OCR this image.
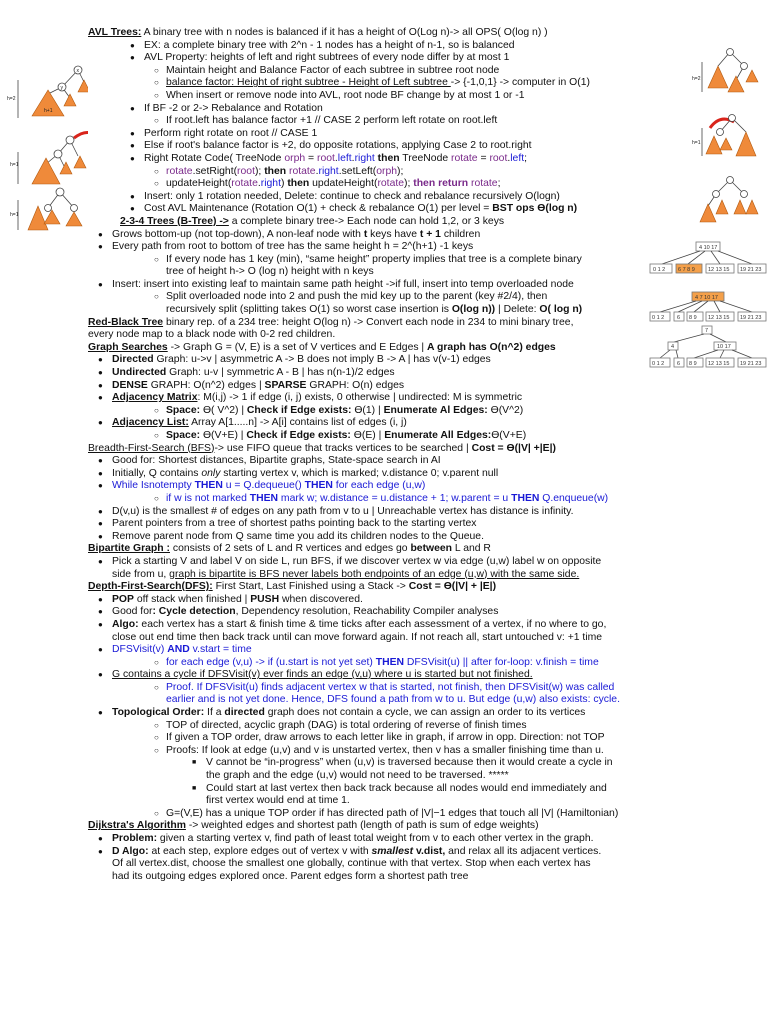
AVL Trees: A binary tree with n nodes is balanced if it has a height of O(Log n)-> all OPS( O(log n) )
● EX: a complete binary tree with 2^n - 1 nodes has a height of n-1, so is balanced
● AVL Property: heights of left and right subtrees of every node differ by at most 1
○ Maintain height and Balance Factor of each subtree in subtree root node
○ balance factor: Height of right subtree - Height of Left subtree -> {-1,0,1} -> computer in O(1)
○ When insert or remove node into AVL, root node BF change by at most 1 or -1
● If BF -2 or 2-> Rebalance and Rotation
○ If root.left has balance factor +1 // CASE 2 perform left rotate on root.left
● Perform right rotate on root // CASE 1
● Else if root's balance factor is +2, do opposite rotations, applying Case 2 to root.right
● Right Rotate Code( TreeNode orph = root.left.right then TreeNode rotate = root.left;
○ rotate.setRight(root); then rotate.right.setLeft(orph);
○ updateHeight(rotate.right) then updateHeight(rotate); then return rotate;
● Insert: only 1 rotation needed, Delete: continue to check and rebalance recursively O(logn)
● Cost AVL Maintenance (Rotation O(1) + check & rebalance O(1) per level = BST ops ϴ(log n)
2-3-4 Trees (B-Tree) -> a complete binary tree-> Each node can hold 1,2, or 3 keys
● Grows bottom-up (not top-down), A non-leaf node with t keys have t + 1 children
● Every path from root to bottom of tree has the same height h = 2^(h+1) -1 keys
○ If every node has 1 key (min), “same height” property implies that tree is a complete binary
tree of height h-> O (log n) height with n keys
● Insert: insert into existing leaf to maintain same path height ->if full, insert into temp overloaded node
○ Split overloaded node into 2 and push the mid key up to the parent (key #2/4), then
recursively split (splitting takes O(1) so worst case insertion is O(log n)) | Delete: O( log n)
Red-Black Tree binary rep. of a 234 tree: height O(log n) -> Convert each node in 234 to mini binary tree,
every node map to a black node with 0-2 red children.
Graph Searches -> Graph G = (V, E) is a set of V vertices and E Edges | A graph has O(n^2) edges
● Directed Graph: u->v | asymmetric A -> B does not imply B -> A | has v(v-1) edges
● Undirected Graph: u-v | symmetric A - B | has n(n-1)/2 edges
● DENSE GRAPH: O(n^2) edges | SPARSE GRAPH: O(n) edges
● Adjacency Matrix: M(i,j) -> 1 if edge (i, j) exists, 0 otherwise | undirected: M is symmetric
○ Space: ϴ( V^2) | Check if Edge exists: ϴ(1) | Enumerate Al Edges: ϴ(V^2)
● Adjacency List: Array A[1.....n] -> A[i] contains list of edges (i, j)
○ Space: ϴ(V+E) | Check if Edge exists: ϴ(E) | Enumerate All Edges:ϴ(V+E)
Breadth-First-Search (BFS)-> use FIFO queue that tracks vertices to be searched | Cost = ϴ(|V| +|E|)
● Good for: Shortest distances, Bipartite graphs, State-space search in AI
● Initially, Q contains only starting vertex v, which is marked; v.distance 0; v.parent null
● While Isnotempty THEN u = Q.dequeue() THEN for each edge (u,w)
○ if w is not marked THEN mark w; w.distance = u.distance + 1; w.parent = u THEN Q.enqueue(w)
● D(v,u) is the smallest # of edges on any path from v to u | Unreachable vertex has distance is infinity.
● Parent pointers from a tree of shortest paths pointing back to the starting vertex
● Remove parent node from Q same time you add its children nodes to the Queue.
Bipartite Graph : consists of 2 sets of L and R vertices and edges go between L and R
● Pick a starting V and label V on side L, run BFS, if we discover vertex w via edge (u,w) label w on opposite
side from u, graph is bipartite is BFS never labels both endpoints of an edge (u,w) with the same side.
Depth-First-Search(DFS): First Start, Last Finished using a Stack -> Cost = ϴ(|V| + |E|)
● POP off stack when finished | PUSH when discovered.
● Good for: Cycle detection, Dependency resolution, Reachability Compiler analyses
● Algo: each vertex has a start & finish time & time ticks after each assessment of a vertex, if no where to go,
close out end time then back track until can move forward again. If not reach all, start untouched v: +1 time
● DFSVisit(v) AND v.start = time
○ for each edge (v,u) -> if (u.start is not yet set) THEN DFSVisit(u) || after for-loop: v.finish = time
● G contains a cycle if DFSVisit(v) ever finds an edge (v,u) where u is started but not finished.
○ Proof. If DFSVisit(u) finds adjacent vertex w that is started, not finish, then DFSVisit(w) was called
earlier and is not yet done. Hence, DFS found a path from w to u. But edge (u,w) also exists: cycle.
● Topological Order: If a directed graph does not contain a cycle, we can assign an order to its vertices
○ TOP of directed, acyclic graph (DAG) is total ordering of reverse of finish times
○ If given a TOP order, draw arrows to each letter like in graph, if arrow in opp. Direction: not TOP
○ Proofs: If look at edge (u,v) and v is unstarted vertex, then v has a smaller finishing time than u.
■ V cannot be “in-progress” when (u,v) is traversed because then it would create a cycle in
the graph and the edge (u,v) would not need to be traversed. *****
■ Could start at last vertex then back track because all nodes would end immediately and
first vertex would end at time 1.
○ G=(V,E) has a unique TOP order if has directed path of |V|−1 edges that touch all |V| (Hamiltonian)
Dijkstra's Algorithm -> weighted edges and shortest path (length of path is sum of edge weights)
● Problem: given a starting vertex v, find path of least total weight from v to each other vertex in the graph.
● D Algo: at each step, explore edges out of vertex v with smallest v.dist, and relax all its adjacent vertices.
Of all vertex.dist, choose the smallest one globally, continue with that vertex. Stop when each vertex has
had its outgoing edges explored once. Parent edges form a shortest path tree
x
y
h+1
h=2
h=1
h=1
h=2
h=1
4 10 17
0 1 2 6 7 8 9 12 13 15 19 21 23
4 7 10 17
0 1 2 6 8 9 12 13 15 19 21 23
7
4	10 17
0 1 2 6 8 9 12 13 15 19 21 23
